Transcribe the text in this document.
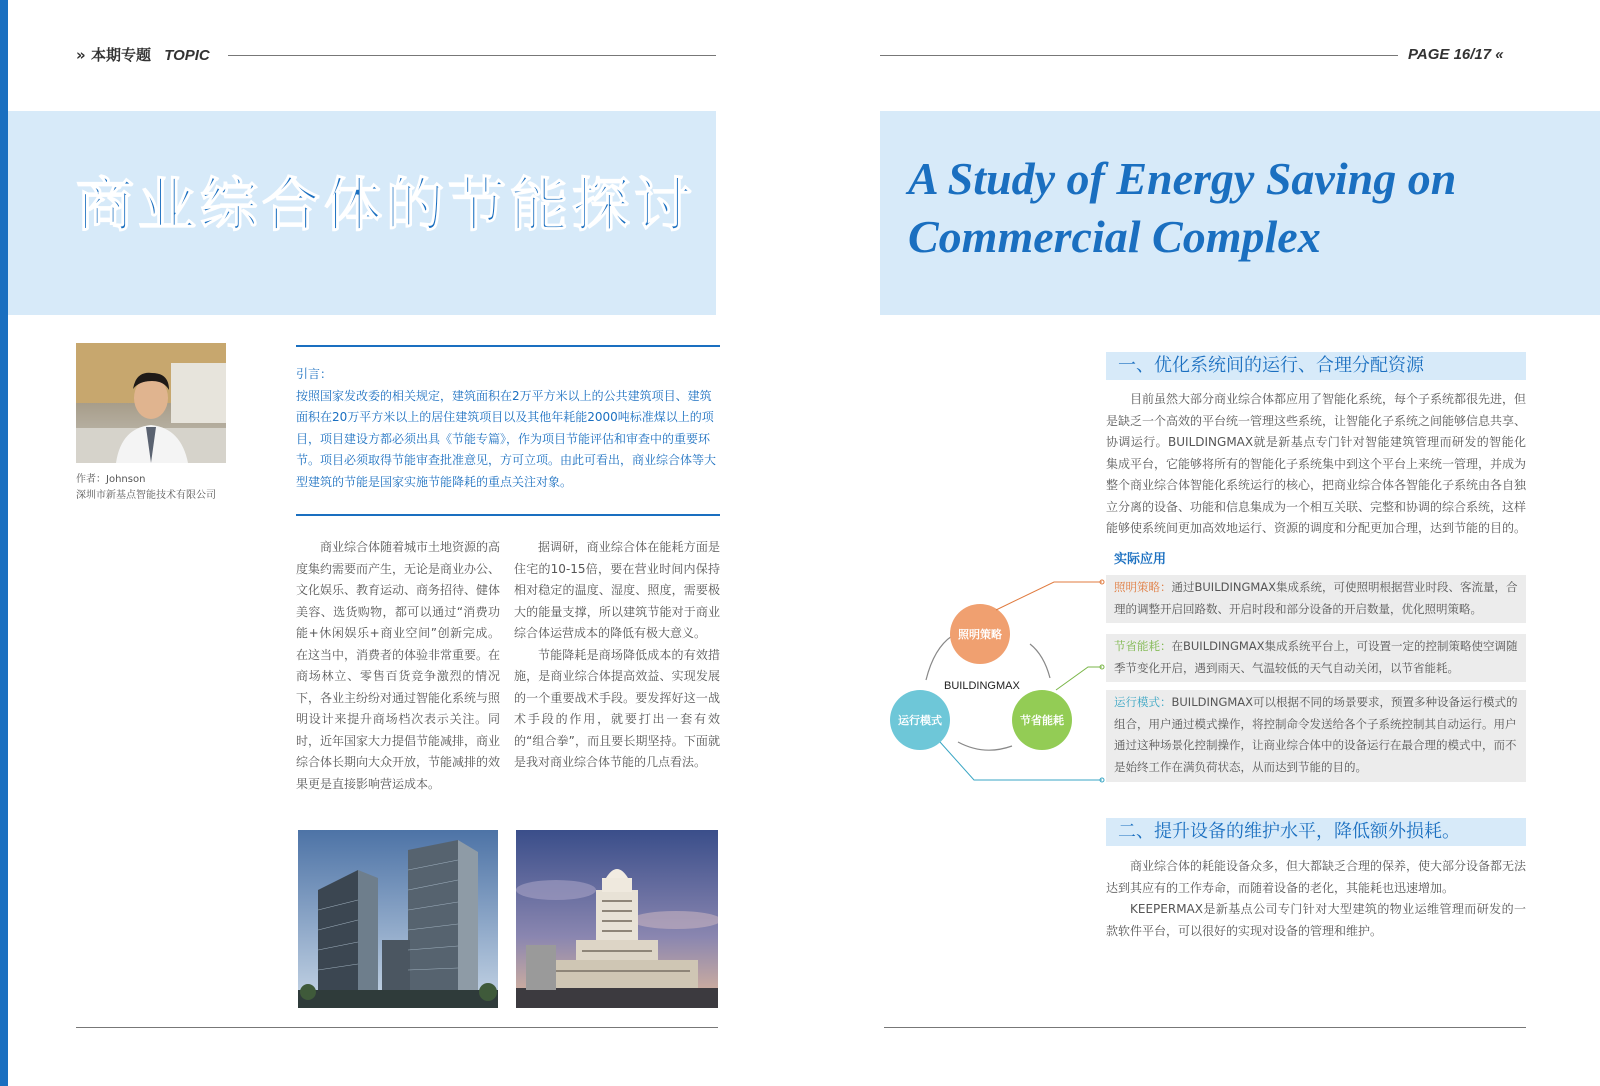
» 本期专题 TOPIC	PAGE 16/17 «
商业综合体的节能探讨	A Study of Energy Saving on Commercial Complex
作者：Johnson
深圳市新基点智能技术有限公司
引言：
按照国家发改委的相关规定，建筑面积在2万平方米以上的公共建筑项目、建筑面积在20万平方米以上的居住建筑项目以及其他年耗能2000吨标准煤以上的项目，项目建设方都必须出具《节能专篇》，作为项目节能评估和审查中的重要环节。项目必须取得节能审查批准意见，方可立项。由此可看出，商业综合体等大型建筑的节能是国家实施节能降耗的重点关注对象。

商业综合体随着城市土地资源的高度集约需要而产生，无论是商业办公、文化娱乐、教育运动、商务招待、健体美容、选货购物，都可以通过“消费功能+休闲娱乐+商业空间”创新完成。在这当中，消费者的体验非常重要。在商场林立、零售百货竞争激烈的情况下，各业主纷纷对通过智能化系统与照明设计来提升商场档次表示关注。同时，近年国家大力提倡节能减排，商业综合体长期向大众开放，节能减排的效果更是直接影响营运成本。

据调研，商业综合体在能耗方面是住宅的10-15倍，要在营业时间内保持相对稳定的温度、湿度、照度，需要极大的能量支撑，所以建筑节能对于商业综合体运营成本的降低有极大意义。

节能降耗是商场降低成本的有效措施，是商业综合体提高效益、实现发展的一个重要战术手段。要发挥好这一战术手段的作用，就要打出一套有效的“组合拳”，而且要长期坚持。下面就是我对商业综合体节能的几点看法。

一、优化系统间的运行、合理分配资源

目前虽然大部分商业综合体都应用了智能化系统，每个子系统都很先进，但是缺乏一个高效的平台统一管理这些系统，让智能化子系统之间能够信息共享、协调运行。BUILDINGMAX就是新基点专门针对智能建筑管理而研发的智能化集成平台，它能够将所有的智能化子系统集中到这个平台上来统一管理，并成为整个商业综合体智能化系统运行的核心，把商业综合体各智能化子系统由各自独立分离的设备、功能和信息集成为一个相互关联、完整和协调的综合系统，这样能够使系统间更加高效地运行、资源的调度和分配更加合理，达到节能的目的。

实际应用
照明策略
节省能耗
运行模式
BUILDINGMAX
照明策略：通过BUILDINGMAX集成系统，可使照明根据营业时段、客流量，合理的调整开启回路数、开启时段和部分设备的开启数量，优化照明策略。
节省能耗：在BUILDINGMAX集成系统平台上，可设置一定的控制策略使空调随季节变化开启，遇到雨天、气温较低的天气自动关闭，以节省能耗。
运行模式：BUILDINGMAX可以根据不同的场景要求，预置多种设备运行模式的组合，用户通过模式操作，将控制命令发送给各个子系统控制其自动运行。用户通过这种场景化控制操作，让商业综合体中的设备运行在最合理的模式中，而不是始终工作在满负荷状态，从而达到节能的目的。
二、提升设备的维护水平，降低额外损耗。

商业综合体的耗能设备众多，但大都缺乏合理的保养，使大部分设备都无法达到其应有的工作寿命，而随着设备的老化，其能耗也迅速增加。

KEEPERMAX是新基点公司专门针对大型建筑的物业运维管理而研发的一款软件平台，可以很好的实现对设备的管理和维护。
